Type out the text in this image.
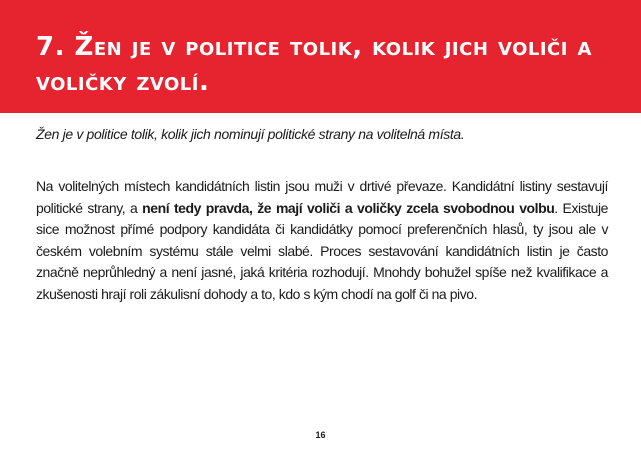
7. Žen je v politice tolik, kolik jich voliči a voličky zvolí.

Žen je v politice tolik, kolik jich nominují politické strany na volitelná místa.

Na volitelných místech kandidátních listin jsou muži v drtivé převaze. Kandidátní listiny sestavují politické strany, a není tedy pravda, že mají voliči a voličky zcela svobodnou volbu. Existuje sice možnost přímé podpory kandidáta či kandidátky pomocí preferenčních hlasů, ty jsou ale v českém volebním systému stále velmi slabé. Proces sestavování kandidátních listin je často značně neprůhledný a není jasné, jaká kritéria rozhodují. Mnohdy bohužel spíše než kvalifikace a zkušenosti hrají roli zákulisní dohody a to, kdo s kým chodí na golf či na pivo.

16
